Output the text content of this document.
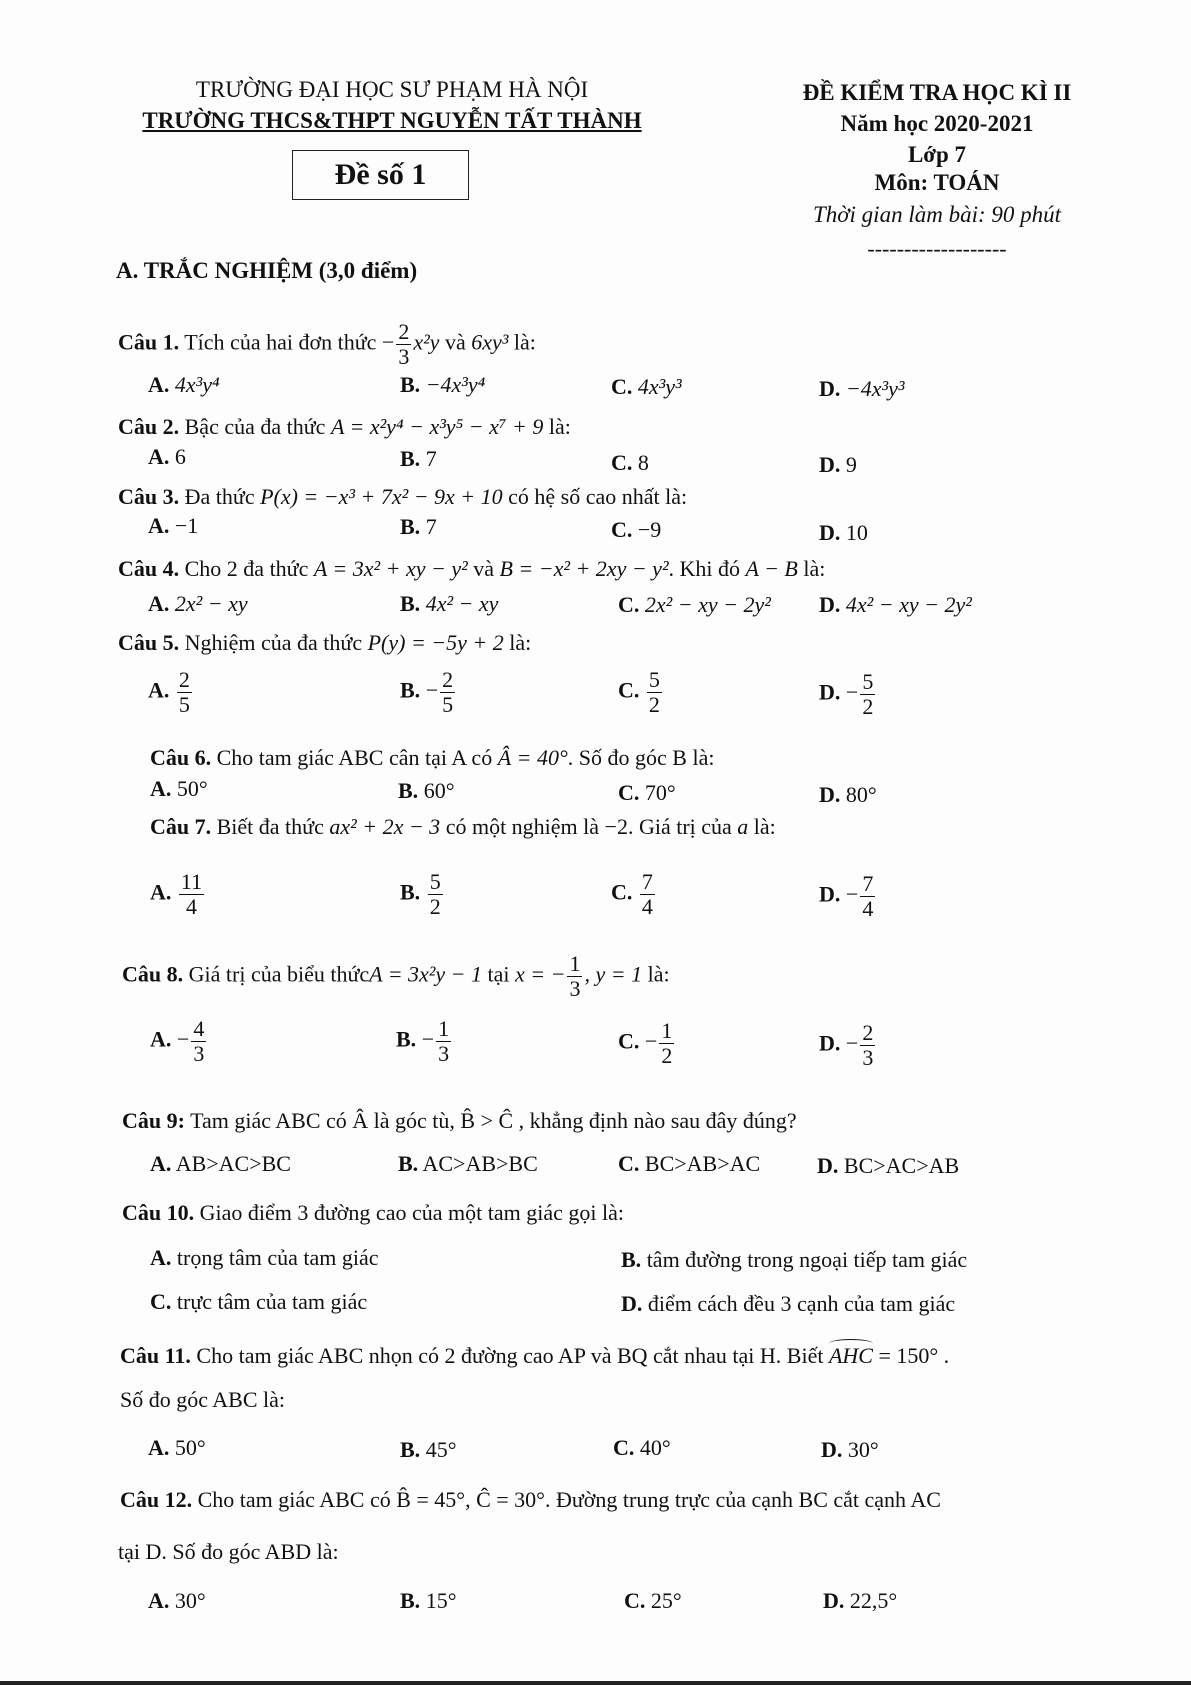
TRƯỜNG ĐẠI HỌC SƯ PHẠM HÀ NỘI
TRƯỜNG THCS&THPT NGUYỄN TẤT THÀNH
Đề số 1
ĐỀ KIỂM TRA HỌC KÌ II
Năm học 2020-2021
Lớp 7
Môn: TOÁN
Thời gian làm bài: 90 phút
-------------------
A. TRẮC NGHIỆM (3,0 điểm)
Câu 1. Tích của hai đơn thức − $\frac{2}{3} x^2y$ và 6xy³ là:
A. 4x³y⁴	B. −4x³y⁴	C. 4x³y³	D. −4x³y³
Câu 2. Bậc của đa thức A = x²y⁴ − x³y⁵ − x⁷ + 9 là:
A. 6	B. 7	C. 8	D. 9
Câu 3. Đa thức P(x) = −x³ + 7x² − 9x + 10 có hệ số cao nhất là:
A. −1	B. 7	C. −9	D. 10
Câu 4. Cho 2 đa thức A = 3x² + xy − y² và B = −x² + 2xy − y². Khi đó A − B là:
A. 2x² − xy	B. 4x² − xy	C. 2x² − xy − 2y² D. 4x² − xy − 2y²
Câu 5. Nghiệm của đa thức P(y) = −5y + 2 là:
A. $\frac{2}{5}$	B. − $\frac{2}{5}$	C. $\frac{5}{2}$	D. − $\frac{5}{2}$
Câu 6. Cho tam giác ABC cân tại A có Â = 40°. Số đo góc B là:
A. 50°	B. 60°	C. 70°	D. 80°
Câu 7. Biết đa thức ax² + 2x − 3 có một nghiệm là −2. Giá trị của a là:
A. $\frac{11}{4}$	B. $\frac{5}{2}$	C. $\frac{7}{4}$	D. − $\frac{7}{4}$
Câu 8. Giá trị của biểu thứcA = 3x²y − 1 tại x = − $\frac{1}{3}$ , y = 1 là:
A. − $\frac{4}{3}$	B. − $\frac{1}{3}$	C. − $\frac{1}{2}$	D. − $\frac{2}{3}$
Câu 9: Tam giác ABC có Â là góc tù, B̂ > Ĉ , khẳng định nào sau đây đúng?
A. AB>AC>BC	B. AC>AB>BC	C. BC>AB>AC	D. BC>AC>AB
Câu 10. Giao điểm 3 đường cao của một tam giác gọi là:
A. trọng tâm của tam giác	B. tâm đường trong ngoại tiếp tam giác
C. trực tâm của tam giác	D. điểm cách đều 3 cạnh của tam giác
Câu 11. Cho tam giác ABC nhọn có 2 đường cao AP và BQ cắt nhau tại H. Biết AHC = 150° .
Số đo góc ABC là:
A. 50°	B. 45°	C. 40°	D. 30°
Câu 12. Cho tam giác ABC có B̂ = 45°, Ĉ = 30°. Đường trung trực của cạnh BC cắt cạnh AC
tại D. Số đo góc ABD là:
A. 30°	B. 15°	C. 25°	D. 22,5°
